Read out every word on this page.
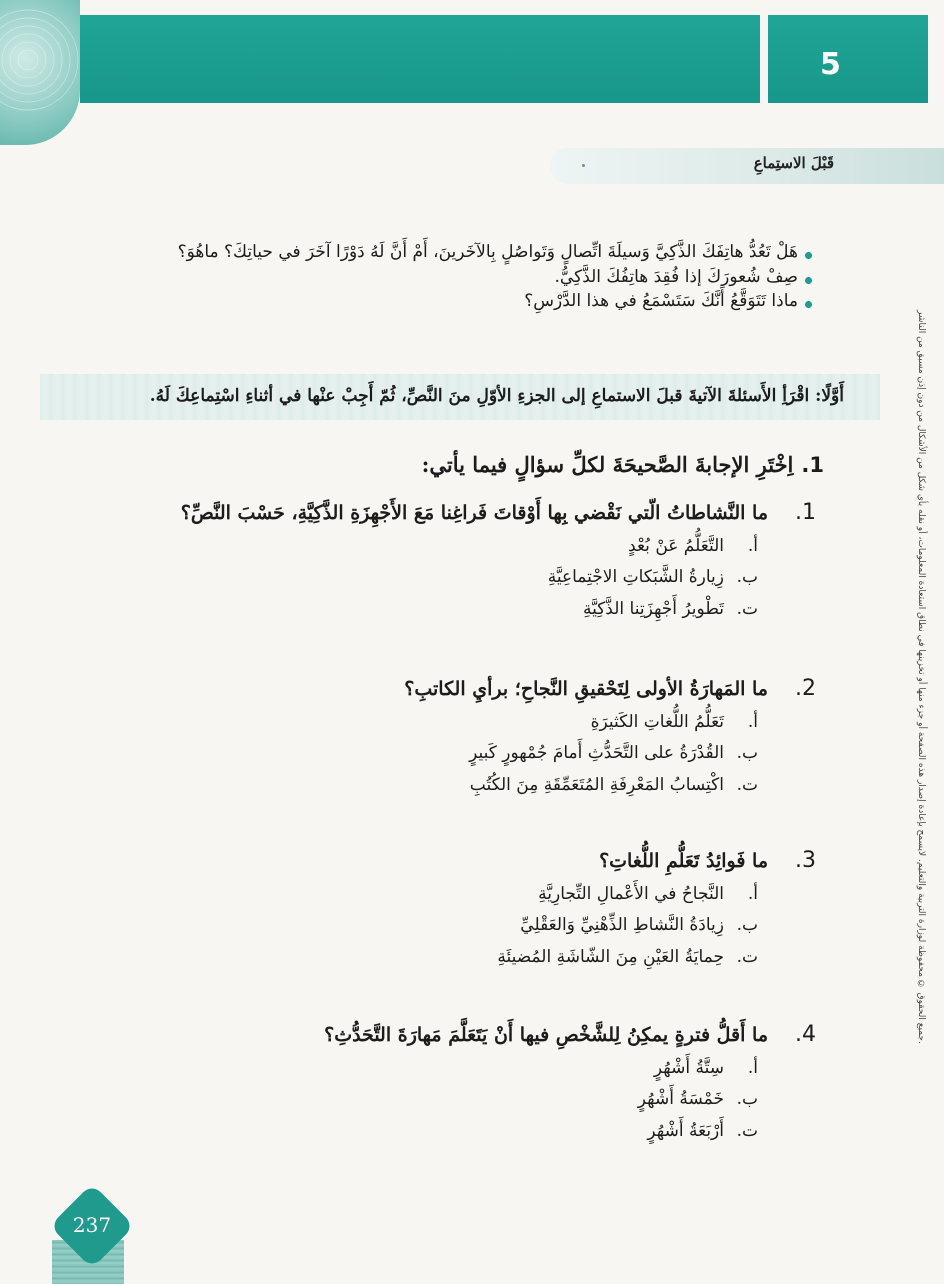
5
قَبْلَ الاستِماعِ
هَلْ تَعُدُّ هاتِفَكَ الذَّكِيَّ وَسيلَةَ اتِّصالٍ وَتَواصُلٍ بِالآخَرينَ، أَمْ أَنَّ لَهُ دَوْرًا آخَرَ في حياتِكَ؟ ماهُوَ؟
صِفْ شُعورَكَ إذا فُقِدَ هاتِفُكَ الذَّكِيُّ.
ماذا تَتَوَقَّعُ أَنَّكَ سَتَسْمَعُ في هذا الدَّرْسِ؟
أَوَّلًا: اقْرَأِ الأَسئلةَ الآتيةَ قبلَ الاستماعِ إلى الجزءِ الأوّلِ منَ النَّصِّ، ثُمّ أَجِبْ عنْها في أثناءِ اسْتِماعِكَ لَهُ.
1.اِخْتَرِ الإجابةَ الصَّحيحَةَ لكلِّ سؤالٍ فيما يأتي:
1.ما النَّشاطاتُ الّتي نَقْضي بِها أَوْقاتَ فَراغِنا مَعَ الأَجْهِزَةِ الذَّكِيَّةِ، حَسْبَ النَّصِّ؟
أ.التَّعَلُّمُ عَنْ بُعْدٍ
ب.زِيارةُ الشَّبَكاتِ الاجْتِماعِيَّةِ
ت.تَطْويرُ أَجْهِزَتِنا الذَّكِيَّةِ
2.ما المَهارَةُ الأولى لِتَحْقيقِ النَّجاحِ؛ برأيِ الكاتبِ؟
أ.تَعَلُّمُ اللُّغاتِ الكَثيرَةِ
ب.القُدْرَةُ على التَّحَدُّثِ أَمامَ جُمْهورٍ كَبيرٍ
ت.اكْتِسابُ المَعْرِفَةِ المُتَعَمِّقَةِ مِنَ الكُتُبِ
3.ما فَوائِدُ تَعَلُّمِ اللُّغاتِ؟
أ.النَّجاحُ في الأَعْمالِ التِّجارِيَّةِ
ب.زِيادَةُ النَّشاطِ الذِّهْنِيِّ وَالعَقْلِيِّ
ت.حِمايَةُ العَيْنِ مِنَ الشّاشَةِ المُضيئَةِ
4.ما أَقلُّ فترةٍ يمكِنُ لِلشَّخْصِ فيها أَنْ يَتَعَلَّمَ مَهارَةَ التَّحَدُّثِ؟
أ.سِتَّةُ أَشْهُرٍ
ب.خَمْسَةُ أَشْهُرٍ
ت.أَرْبَعَةُ أَشْهُرٍ
جميع الحقوق © محفوظة لوزارة التربية والتعليم. لايسمح بإعادة إصدار هذه الصفحة أو جزء منها أو تخزينها في نطاق استعادة المعلومات، أو نقله بأي شكل من الأشكال من دون إذن مسبق من الناشر.
237
